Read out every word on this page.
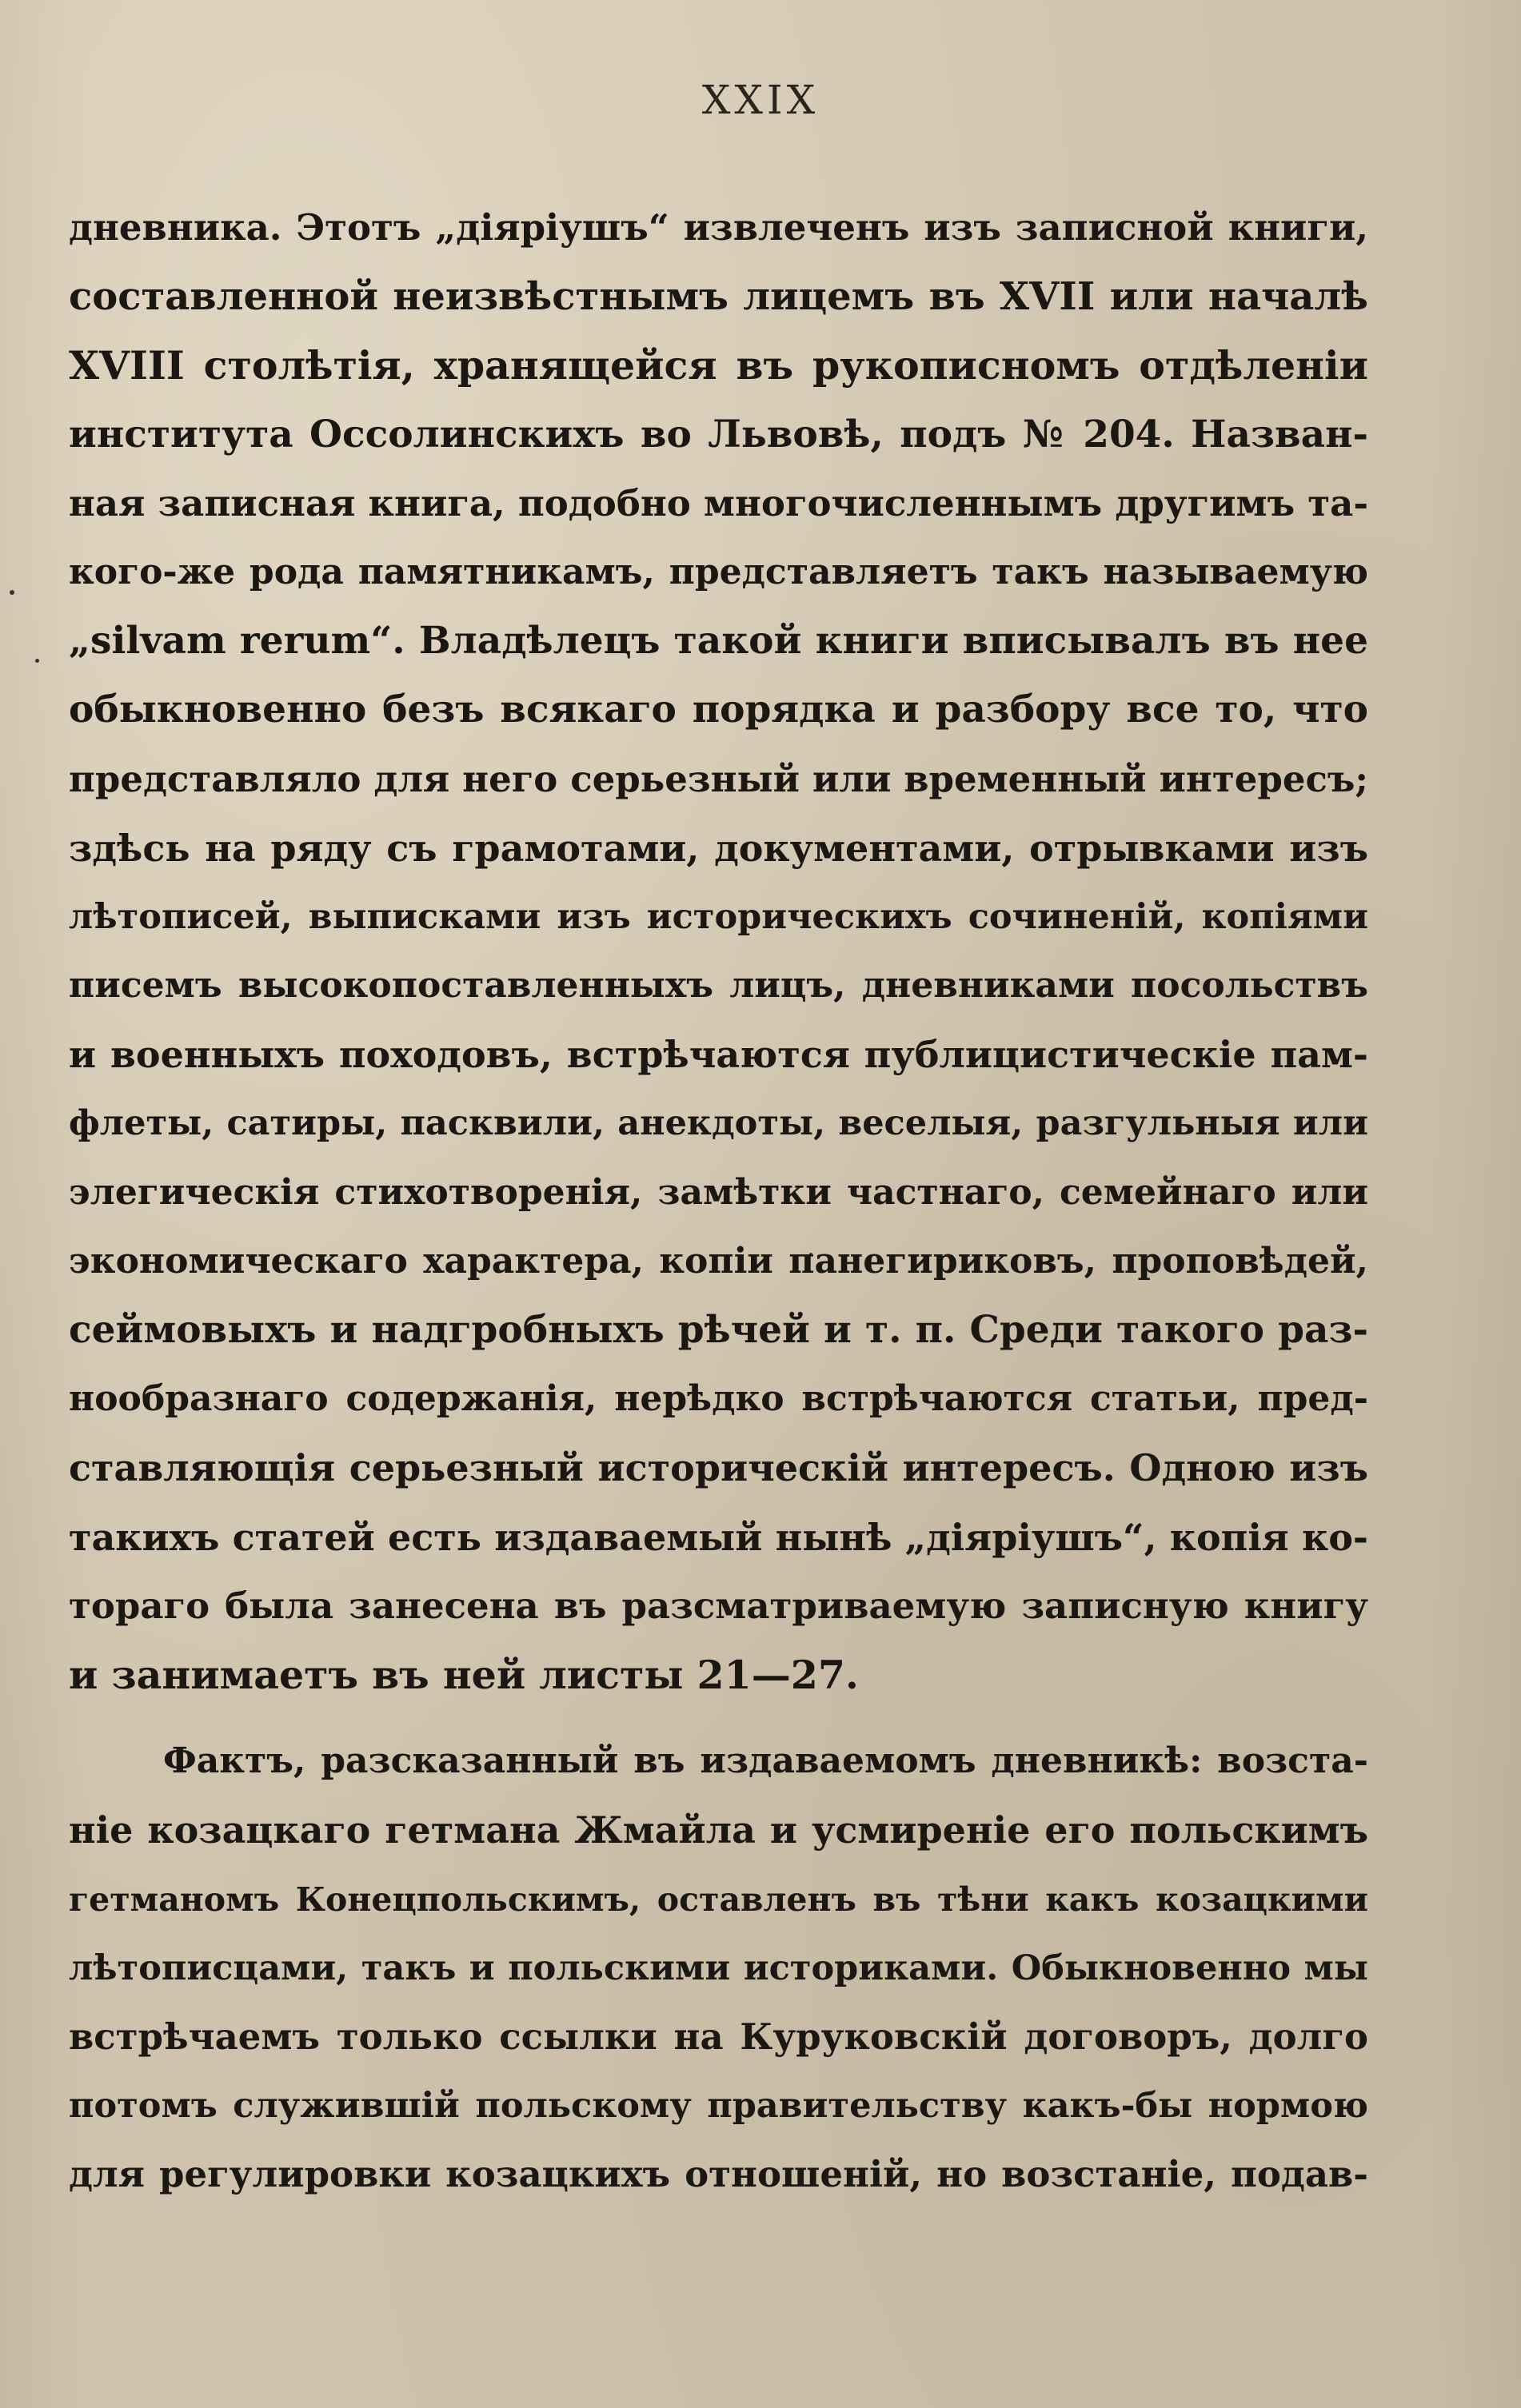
XXIX
дневника. Этотъ „діяріушъ“ извлеченъ изъ записной книги,
составленной неизвѣстнымъ лицемъ въ XVII или началѣ
XVIII столѣтія, хранящейся въ рукописномъ отдѣленіи
института Оссолинскихъ во Львовѣ, подъ № 204. Назван-
ная записная книга, подобно многочисленнымъ другимъ та-
кого-же рода памятникамъ, представляетъ такъ называемую
„silvam rerum“. Владѣлецъ такой книги вписывалъ въ нее
обыкновенно безъ всякаго порядка и разбору все то, что
представляло для него серьезный или временный интересъ;
здѣсь на ряду съ грамотами, документами, отрывками изъ
лѣтописей, выписками изъ историческихъ сочиненій, копіями
писемъ высокопоставленныхъ лицъ, дневниками посольствъ
и военныхъ походовъ, встрѣчаются публицистическіе пам-
флеты, сатиры, пасквили, анекдоты, веселыя, разгульныя или
элегическія стихотворенія, замѣтки частнаго, семейнаго или
экономическаго характера, копіи панегириковъ, проповѣдей,
сеймовыхъ и надгробныхъ рѣчей и т. п. Среди такого раз-
нообразнаго содержанія, нерѣдко встрѣчаются статьи, пред-
ставляющія серьезный историческій интересъ. Одною изъ
такихъ статей есть издаваемый нынѣ „діяріушъ“, копія ко-
тораго была занесена въ разсматриваемую записную книгу
и занимаетъ въ ней листы 21—27.
Фактъ, разсказанный въ издаваемомъ дневникѣ: возста-
ніе козацкаго гетмана Жмайла и усмиреніе его польскимъ
гетманомъ Конецпольскимъ, оставленъ въ тѣни какъ козацкими
лѣтописцами, такъ и польскими историками. Обыкновенно мы
встрѣчаемъ только ссылки на Куруковскій договоръ, долго
потомъ служившій польскому правительству какъ-бы нормою
для регулировки козацкихъ отношеній, но возстаніе, подав-
